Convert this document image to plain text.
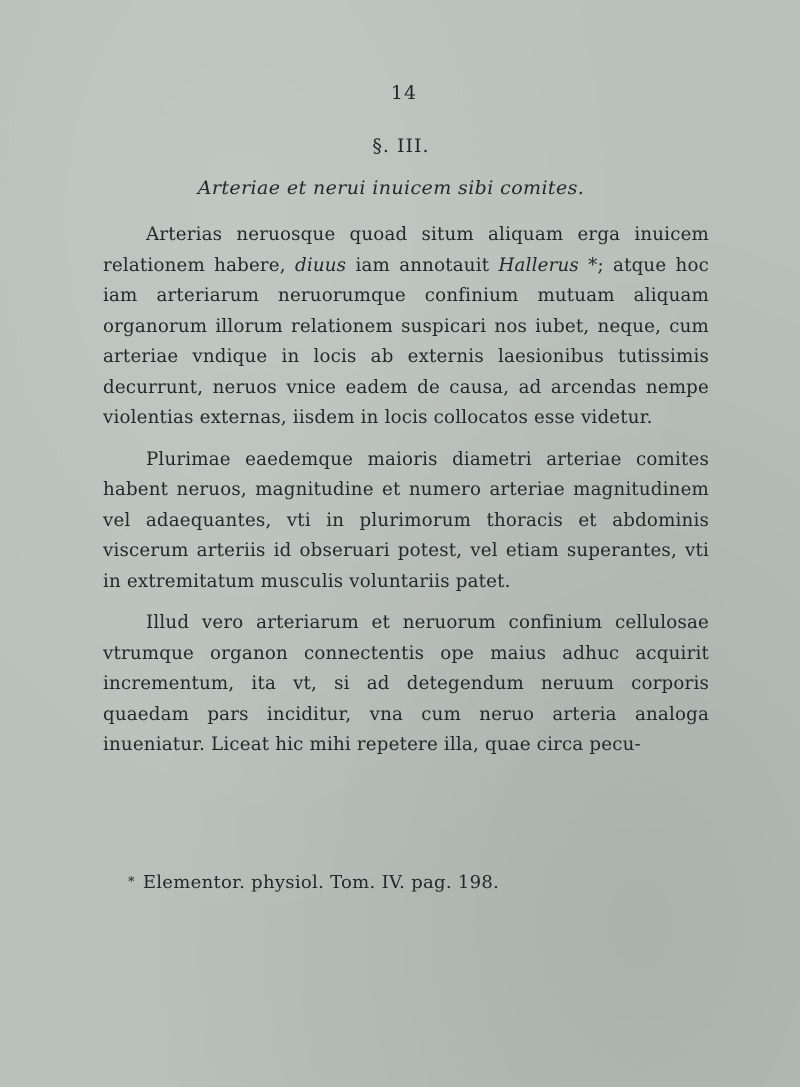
14
§. III.
Arteriae et nerui inuicem sibi comites.

Arterias neruosque quoad situm aliquam erga inuicem relationem habere, diuus iam annotauit Hallerus *; atque hoc iam arteriarum neruorumque confinium mutuam aliquam organorum illorum relationem suspicari nos iubet, neque, cum arteriae vndique in locis ab externis laesionibus tutissimis decurrunt, neruos vnice eadem de causa, ad arcendas nempe violentias externas, iisdem in locis collocatos esse videtur.

Plurimae eaedemque maioris diametri arteriae comites habent neruos, magnitudine et numero arteriae magnitudinem vel adaequantes, vti in plurimorum thoracis et abdominis viscerum arteriis id obseruari potest, vel etiam superantes, vti in extremitatum musculis voluntariis patet.

Illud vero arteriarum et neruorum confinium cellulosae vtrumque organon connectentis ope maius adhuc acquirit incrementum, ita vt, si ad detegendum neruum corporis quaedam pars inciditur, vna cum neruo arteria analoga inueniatur. Liceat hic mihi repetere illa, quae circa pecu-

* Elementor. physiol. Tom. IV. pag. 198.
